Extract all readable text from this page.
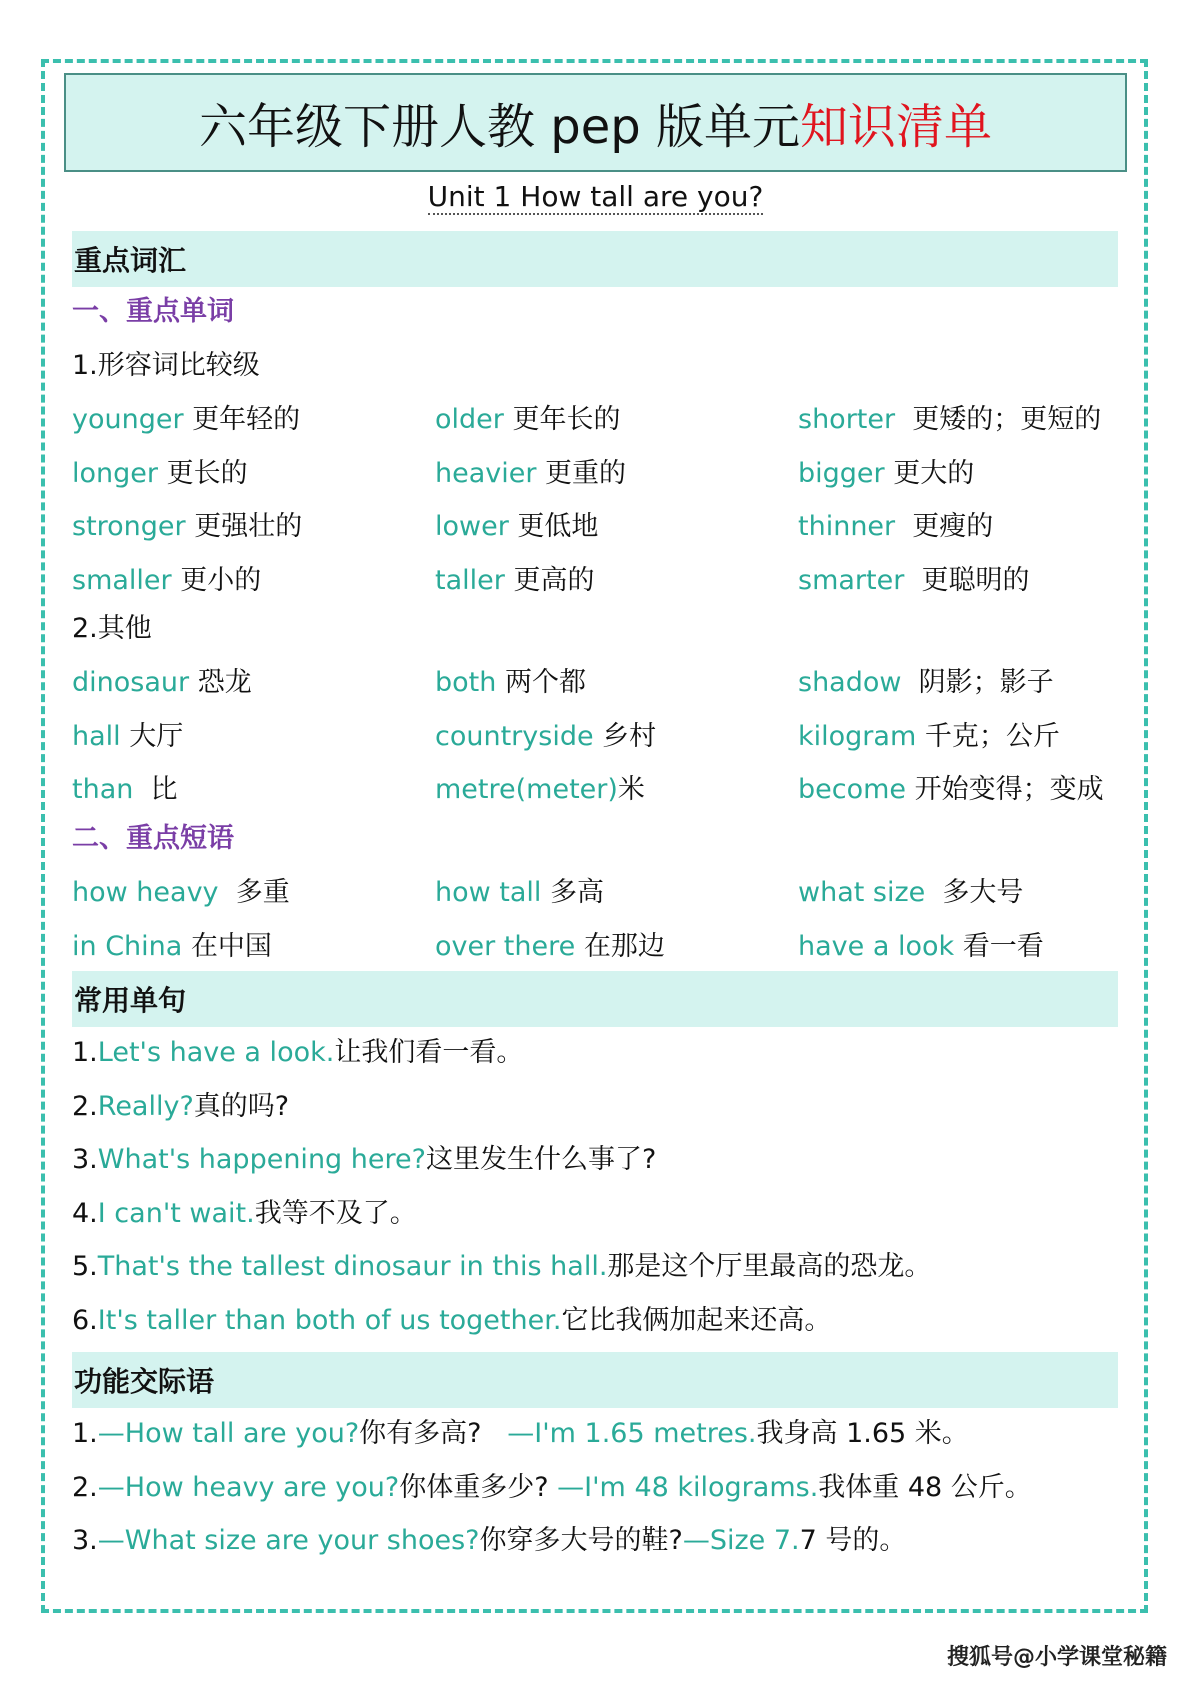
六年级下册人教 pep 版单元 知识清单
Unit 1 How tall are you?
重点词汇
一、重点单词
1.形容词比较级
younger 更年轻的	older 更年长的	shorter  更矮的；更短的
longer 更长的	heavier 更重的	bigger 更大的
stronger 更强壮的	lower 更低地	thinner  更瘦的
smaller 更小的	taller 更高的	smarter  更聪明的
2.其他
dinosaur 恐龙	both 两个都	shadow  阴影；影子
hall 大厅	countryside 乡村	kilogram 千克；公斤
than  比	metre(meter)米	become 开始变得；变成
二、重点短语
how heavy  多重	how tall 多高	what size  多大号
in China 在中国	over there 在那边	have a look 看一看
常用单句
1.Let's have a look.让我们看一看。
2.Really?真的吗?
3.What's happening here?这里发生什么事了?
4.I can't wait.我等不及了。
5.That's the tallest dinosaur in this hall.那是这个厅里最高的恐龙。
6.It's taller than both of us together.它比我俩加起来还高。
功能交际语
1.—How tall are you?你有多高?   —I'm 1.65 metres.我身高 1.65 米。
2.—How heavy are you?你体重多少? —I'm 48 kilograms.我体重 48 公斤。
3.—What size are your shoes?你穿多大号的鞋?—Size 7.7 号的。
搜狐号@小学课堂秘籍
